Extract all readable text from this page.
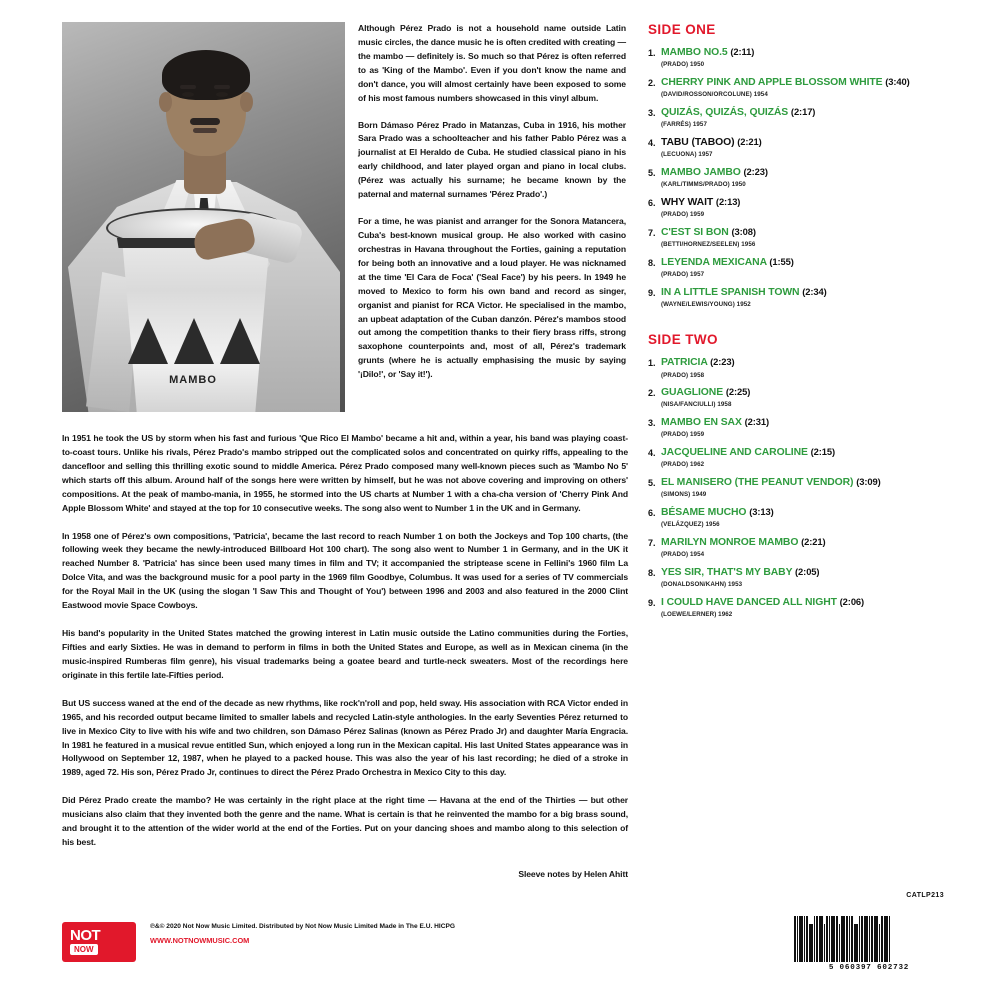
MAMBO

Although Pérez Prado is not a household name outside Latin music circles, the dance music he is often credited with creating — the mambo — definitely is. So much so that Pérez is often referred to as 'King of the Mambo'. Even if you don't know the name and don't dance, you will almost certainly have been exposed to some of his most famous numbers showcased in this vinyl album.

Born Dámaso Pérez Prado in Matanzas, Cuba in 1916, his mother Sara Prado was a schoolteacher and his father Pablo Pérez was a journalist at El Heraldo de Cuba. He studied classical piano in his early childhood, and later played organ and piano in local clubs. (Pérez was actually his surname; he became known by the paternal and maternal surnames 'Pérez Prado'.)

For a time, he was pianist and arranger for the Sonora Matancera, Cuba's best-known musical group. He also worked with casino orchestras in Havana throughout the Forties, gaining a reputation for being both an innovative and a loud player. He was nicknamed at the time 'El Cara de Foca' ('Seal Face') by his peers. In 1949 he moved to Mexico to form his own band and record as singer, organist and pianist for RCA Victor. He specialised in the mambo, an upbeat adaptation of the Cuban danzón. Pérez's mambos stood out among the competition thanks to their fiery brass riffs, strong saxophone counterpoints and, most of all, Pérez's trademark grunts (where he is actually emphasising the music by saying '¡Dilo!', or 'Say it!').

In 1951 he took the US by storm when his fast and furious 'Que Rico El Mambo' became a hit and, within a year, his band was playing coast-to-coast tours. Unlike his rivals, Pérez Prado's mambo stripped out the complicated solos and concentrated on quirky riffs, appealing to the dancefloor and selling this thrilling exotic sound to middle America. Pérez Prado composed many well-known pieces such as 'Mambo No 5' which starts off this album. Around half of the songs here were written by himself, but he was not above covering and improving on others' compositions. At the peak of mambo-mania, in 1955, he stormed into the US charts at Number 1 with a cha-cha version of 'Cherry Pink And Apple Blossom White' and stayed at the top for 10 consecutive weeks. The song also went to Number 1 in the UK and in Germany.

In 1958 one of Pérez's own compositions, 'Patricia', became the last record to reach Number 1 on both the Jockeys and Top 100 charts, (the following week they became the newly-introduced Billboard Hot 100 chart). The song also went to Number 1 in Germany, and in the UK it reached Number 8. 'Patricia' has since been used many times in film and TV; it accompanied the striptease scene in Fellini's 1960 film La Dolce Vita, and was the background music for a pool party in the 1969 film Goodbye, Columbus. It was used for a series of TV commercials for the Royal Mail in the UK (using the slogan 'I Saw This and Thought of You') between 1996 and 2003 and also featured in the 2000 Clint Eastwood movie Space Cowboys.

His band's popularity in the United States matched the growing interest in Latin music outside the Latino communities during the Forties, Fifties and early Sixties. He was in demand to perform in films in both the United States and Europe, as well as in Mexican cinema (in the music-inspired Rumberas film genre), his visual trademarks being a goatee beard and turtle-neck sweaters. Most of the recordings here originate in this fertile late-Fifties period.

But US success waned at the end of the decade as new rhythms, like rock'n'roll and pop, held sway. His association with RCA Victor ended in 1965, and his recorded output became limited to smaller labels and recycled Latin-style anthologies. In the early Seventies Pérez returned to live in Mexico City to live with his wife and two children, son Dámaso Pérez Salinas (known as Pérez Prado Jr) and daughter María Engracia. In 1981 he featured in a musical revue entitled Sun, which enjoyed a long run in the Mexican capital. His last United States appearance was in Hollywood on September 12, 1987, when he played to a packed house. This was also the year of his last recording; he died of a stroke in 1989, aged 72. His son, Pérez Prado Jr, continues to direct the Pérez Prado Orchestra in Mexico City to this day.

Did Pérez Prado create the mambo? He was certainly in the right place at the right time — Havana at the end of the Thirties — but other musicians also claim that they invented both the genre and the name. What is certain is that he reinvented the mambo for a big brass sound, and brought it to the attention of the wider world at the end of the Forties. Put on your dancing shoes and mambo along to this selection of his best.

Sleeve notes by Helen Ahitt
SIDE ONE
1. MAMBO NO.5 (2:11)
(PRADO) 1950
2. CHERRY PINK AND APPLE BLOSSOM WHITE (3:40)
(DAVID/ROSSON/ORCOLUNE) 1954
3. QUIZÁS, QUIZÁS, QUIZÁS (2:17)
(FARRÉS) 1957
4. TABU (TABOO) (2:21)
(LECUONA) 1957
5. MAMBO JAMBO (2:23)
(KARL/TIMMS/PRADO) 1950
6. WHY WAIT (2:13)
(PRADO) 1959
7. C'EST SI BON (3:08)
(BETTI/HORNEZ/SEELEN) 1956
8. LEYENDA MEXICANA (1:55)
(PRADO) 1957
9. IN A LITTLE SPANISH TOWN (2:34)
(WAYNE/LEWIS/YOUNG) 1952
SIDE TWO
1. PATRICIA (2:23)
(PRADO) 1958
2. GUAGLIONE (2:25)
(NISA/FANCIULLI) 1958
3. MAMBO EN SAX (2:31)
(PRADO) 1959
4. JACQUELINE AND CAROLINE (2:15)
(PRADO) 1962
5. EL MANISERO (THE PEANUT VENDOR) (3:09)
(SIMONS) 1949
6. BÉSAME MUCHO (3:13)
(VELÁZQUEZ) 1956
7. MARILYN MONROE MAMBO (2:21)
(PRADO) 1954
8. YES SIR, THAT'S MY BABY (2:05)
(DONALDSON/KAHN) 1953
9. I COULD HAVE DANCED ALL NIGHT (2:06)
(LOEWE/LERNER) 1962
NOT
NOW
℗&© 2020 Not Now Music Limited. Distributed by Not Now Music Limited Made in The E.U. HICPG
WWW.NOTNOWMUSIC.COM
CATLP213
5 060397 602732
